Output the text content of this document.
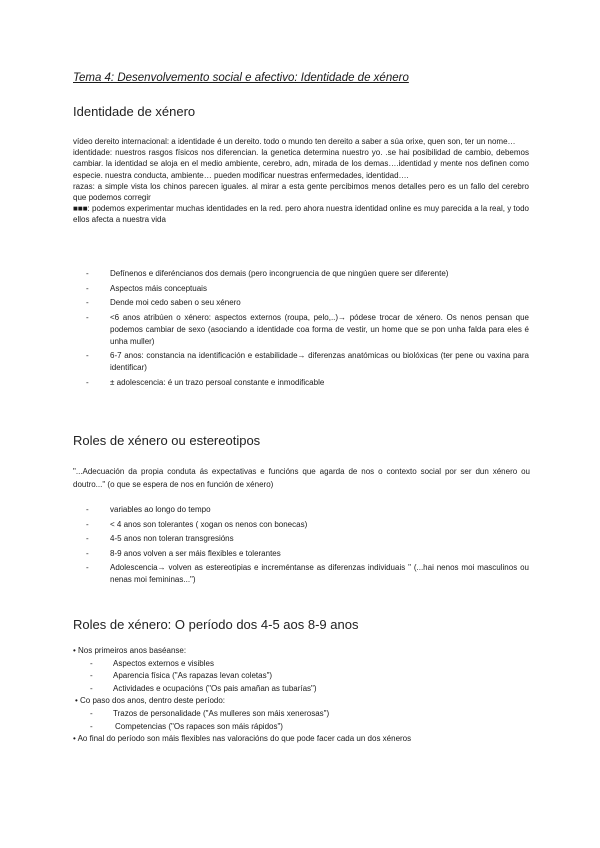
Tema 4: Desenvolvemento social e afectivo: Identidade de xénero
Identidade de xénero

vídeo dereito internacional: a identidade é un dereito. todo o mundo ten dereito a saber a súa orixe, quen son, ter un nome…

identidade: nuestros rasgos físicos nos diferencian. la genetica determina nuestro yo. .se hai posibilidad de cambio, debemos cambiar. la identidad se aloja en el medio ambiente, cerebro, adn, mirada de los demas….identidad y mente nos definen como especie. nuestra conducta, ambiente… pueden modificar nuestras enfermedades, identidad….

razas: a simple vista los chinos parecen iguales. al mirar a esta gente percibimos menos detalles pero es un fallo del cerebro que podemos corregir

■■■: podemos experimentar muchas identidades en la red. pero ahora nuestra identidad online es muy parecida a la real, y todo ellos afecta a nuestra vida

- Defínenos e diferéncianos dos demais (pero incongruencia de que ningúen quere ser diferente)
- Aspectos máis conceptuais
- Dende moi cedo saben o seu xénero
- <6 anos atribúen o xénero: aspectos externos (roupa, pelo,..)→ pódese trocar de xénero. Os nenos pensan que podemos cambiar de sexo (asociando a identidade coa forma de vestir, un home que se pon unha falda para eles é unha muller)
- 6-7 anos: constancia na identificación e estabilidade→ diferenzas anatómicas ou biolóxicas (ter pene ou vaxina para identificar)
- ± adolescencia: é un trazo persoal constante e inmodificable
Roles de xénero ou estereotipos
"...Adecuación da propia conduta ás expectativas e funcións que agarda de nos o contexto social por ser dun xénero ou doutro..." (o que se espera de nos en función de xénero)
- variables ao longo do tempo
- < 4 anos son tolerantes ( xogan os nenos con bonecas)
- 4-5 anos non toleran transgresións
- 8-9 anos volven a ser máis flexibles e tolerantes
- Adolescencia→ volven as estereotipias e increméntanse as diferenzas individuais " (...hai nenos moi masculinos ou nenas moi femininas...")
Roles de xénero: O período dos 4-5 aos 8-9 anos
• Nos primeiros anos baséanse:
- Aspectos externos e visibles
- Aparencia física ("As rapazas levan coletas")
- Actividades e ocupacións ("Os pais amañan as tubarías")
• Co paso dos anos, dentro deste período:
- Trazos de personalidade ("As mulleres son máis xenerosas")
- Competencias ("Os rapaces son máis rápidos")
• Ao final do período son máis flexibles nas valoracións do que pode facer cada un dos xéneros
